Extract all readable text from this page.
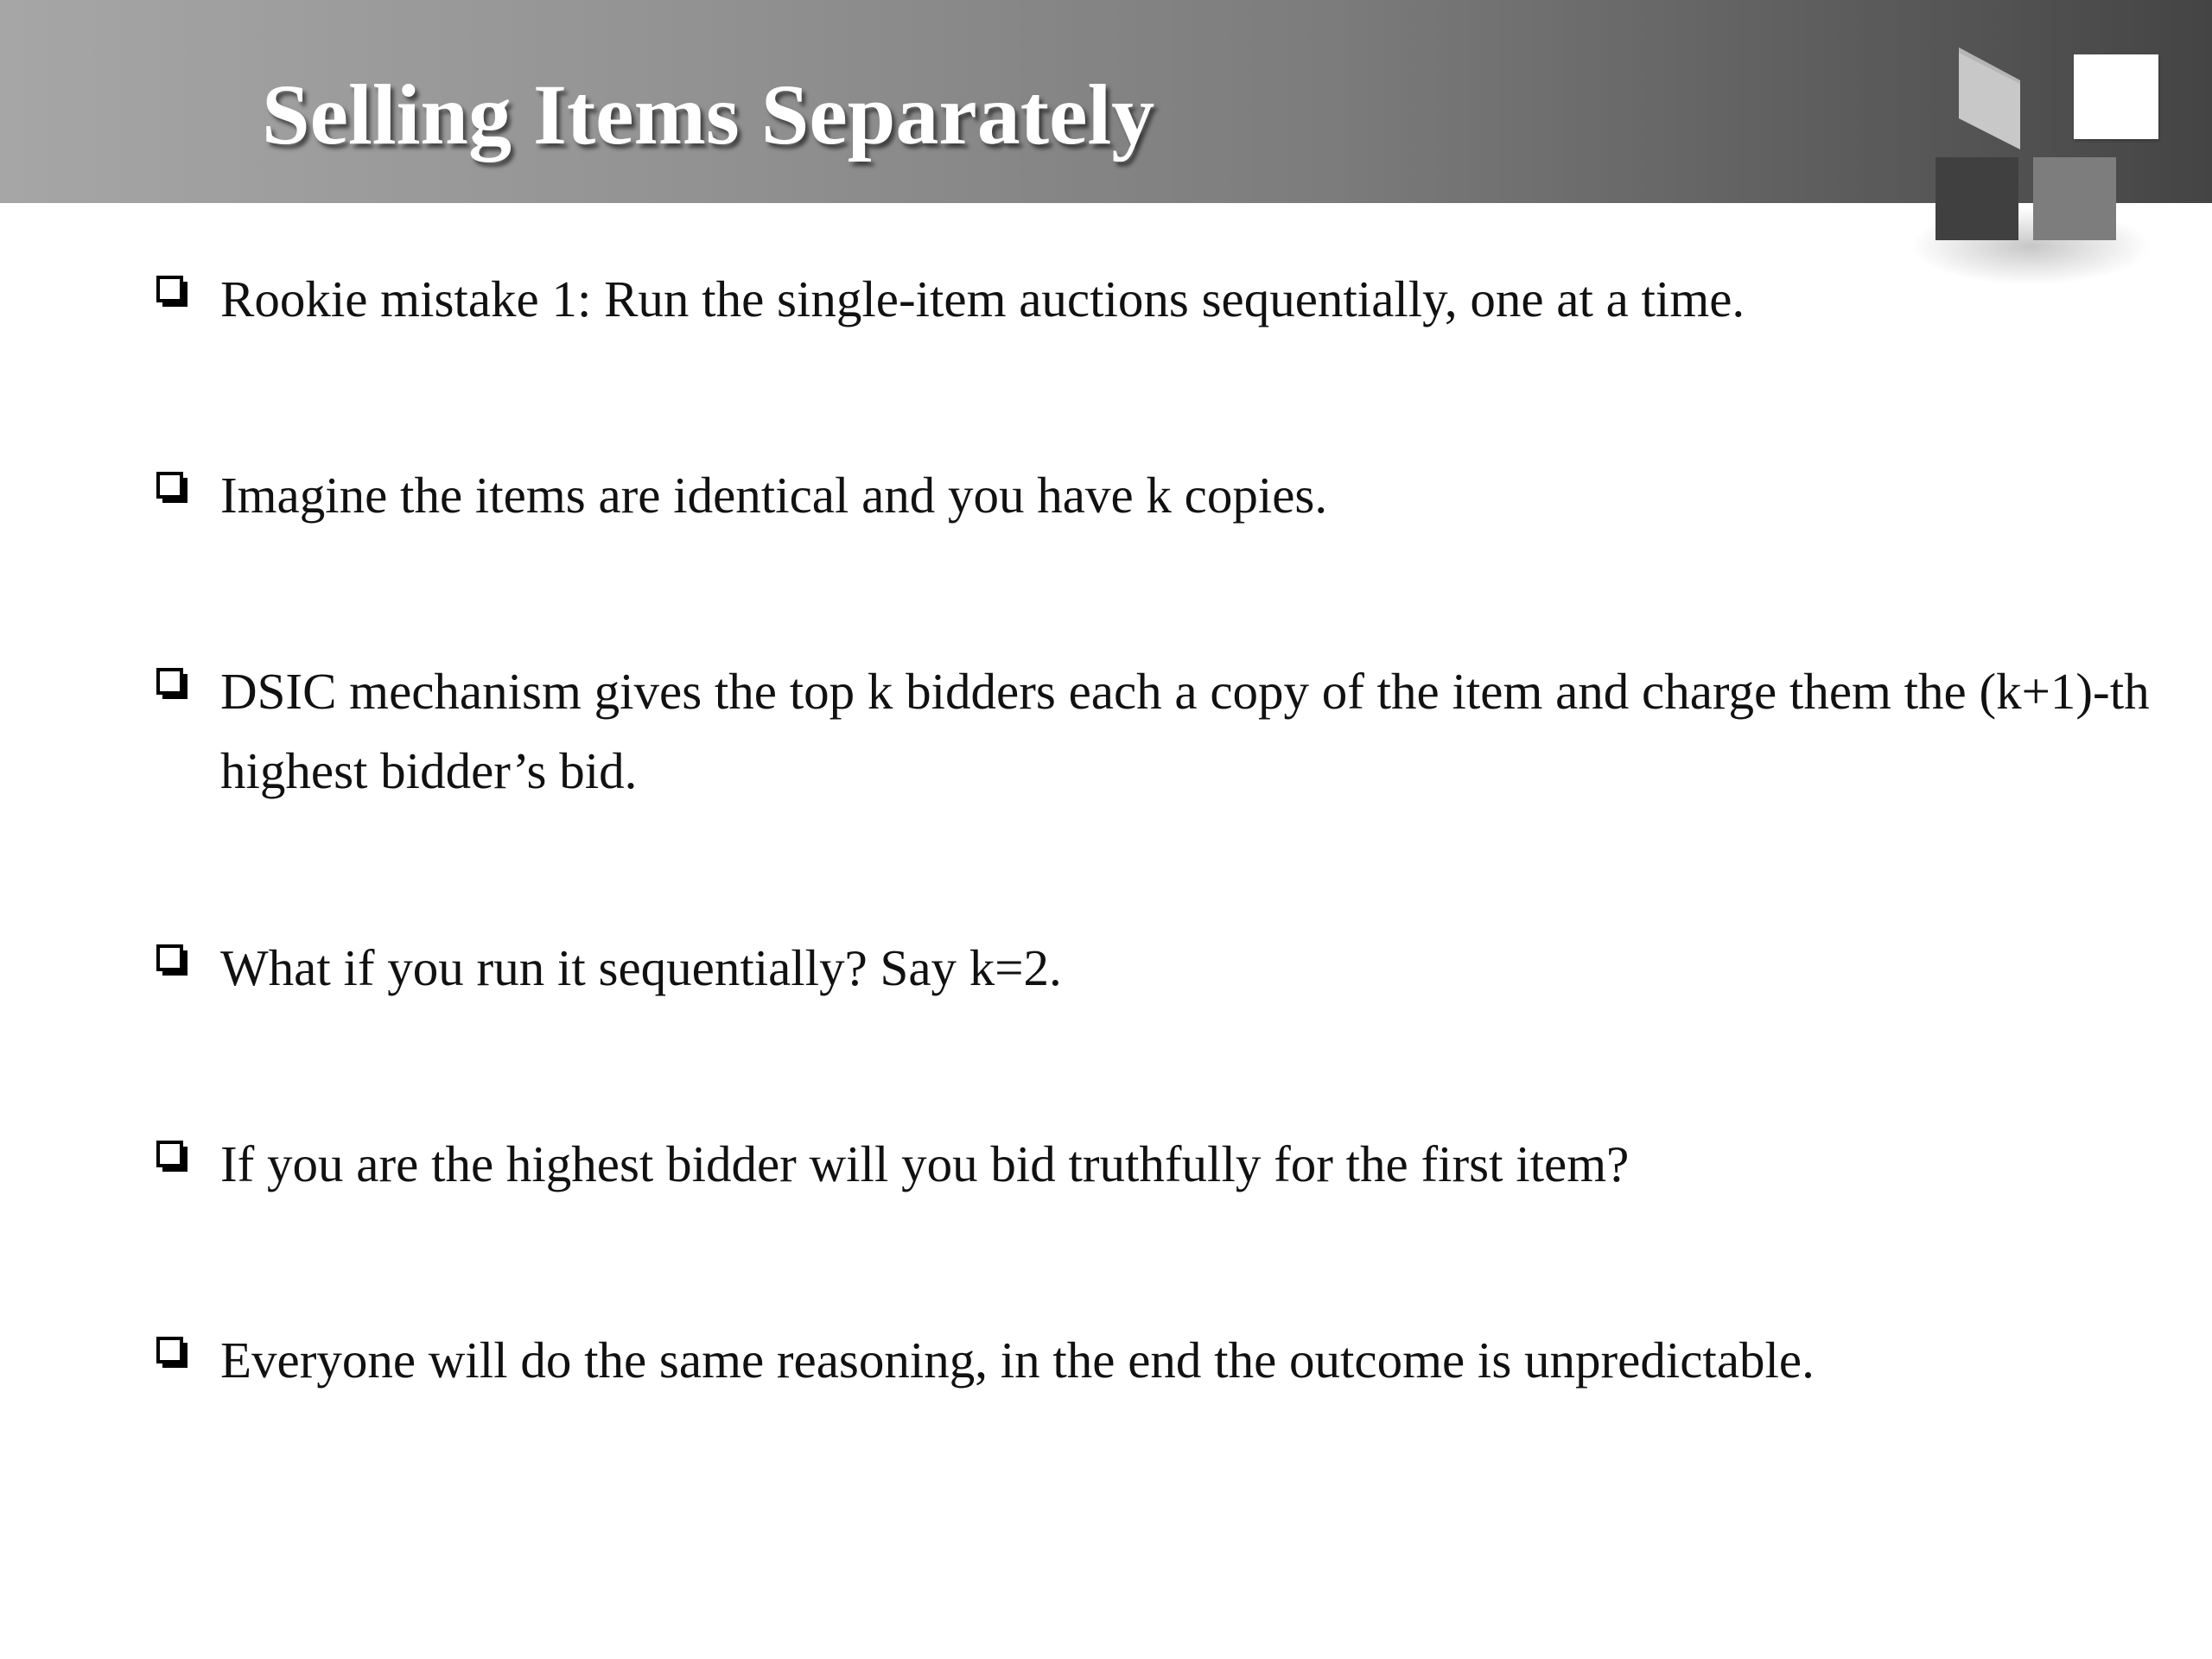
Selling Items Separately
Rookie mistake 1: Run the single-item auctions sequentially, one at a time.
Imagine the items are identical and you have k copies.
DSIC mechanism gives the top k bidders each a copy of the item and charge them the (k+1)-th highest bidder’s bid.
What if you run it sequentially? Say k=2.
If you are the highest bidder will you bid truthfully for the first item?
Everyone will do the same reasoning, in the end the outcome is unpredictable.
